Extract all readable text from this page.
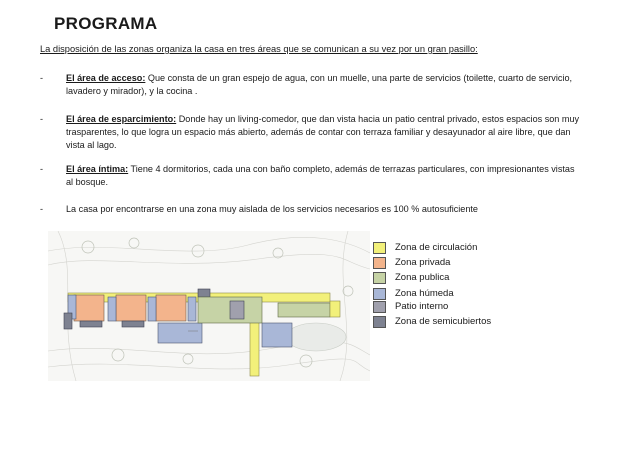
PROGRAMA
La disposición de las zonas organiza la casa en tres áreas que se comunican a su vez por un gran pasillo:
-	El área de acceso: Que consta de un gran espejo de agua, con un muelle, una parte de servicios (toilette, cuarto de servicio, lavadero y mirador), y la cocina .
-	El área de esparcimiento: Donde hay un living-comedor, que dan vista hacia un patio central privado, estos espacios son muy trasparentes, lo que logra un espacio más abierto, además de contar con terraza familiar y desayunador al aire libre, que dan vista al lago.
-	El área íntima: Tiene 4 dormitorios, cada una con baño completo, además de terrazas particulares, con impresionantes vistas al bosque.
-	La casa por encontrarse en una zona muy aislada de los servicios necesarios es 100 % autosuficiente
Zona de circulación
Zona privada
Zona publica
Zona húmeda
Patio interno
Zona de semicubiertos
